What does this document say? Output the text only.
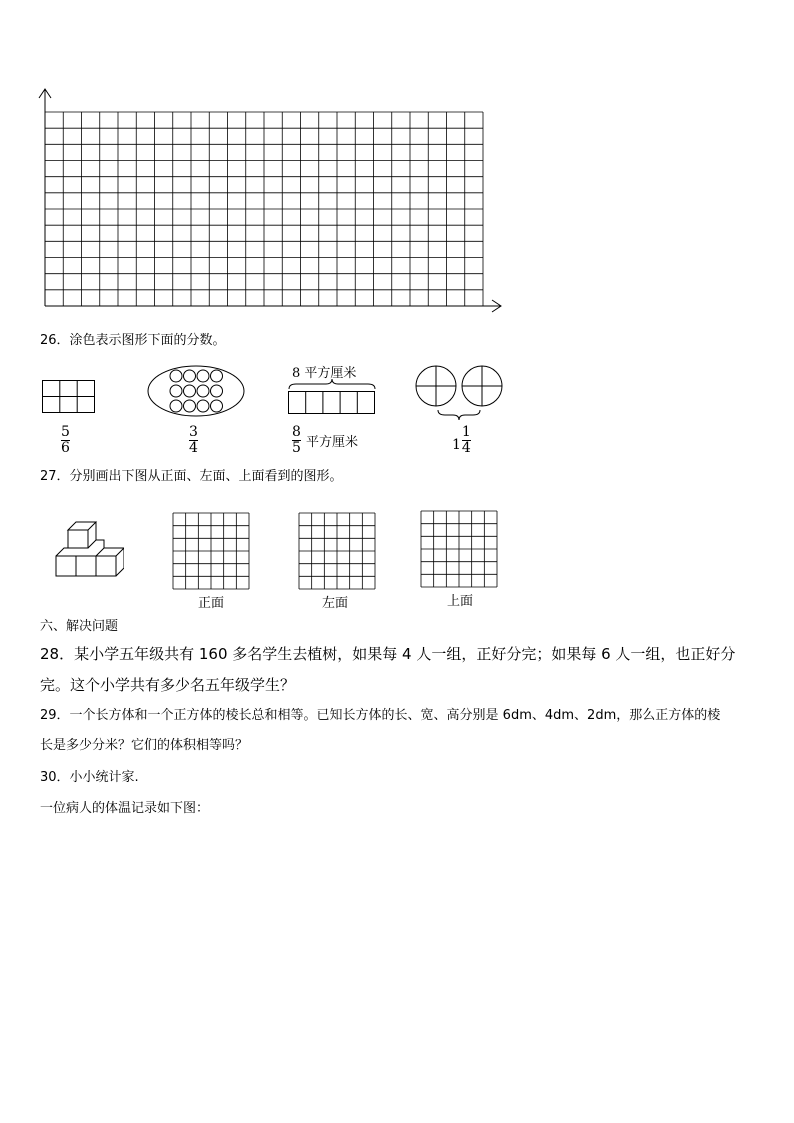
26．涂色表示图形下面的分数。
5
6
3
4
8 平方厘米
8
5 平方厘米	$1 \frac{1}{4}$
27．分别画出下图从正面、左面、上面看到的图形。
正面	左面	上面
六、解决问题
28．某小学五年级共有 160 多名学生去植树，如果每 4 人一组，正好分完；如果每 6 人一组，也正好分
完。这个小学共有多少名五年级学生？
29．一个长方体和一个正方体的棱长总和相等。已知长方体的长、宽、高分别是 6dm、4dm、2dm，那么正方体的棱
长是多少分米？它们的体积相等吗？
30．小小统计家.
一位病人的体温记录如下图：
